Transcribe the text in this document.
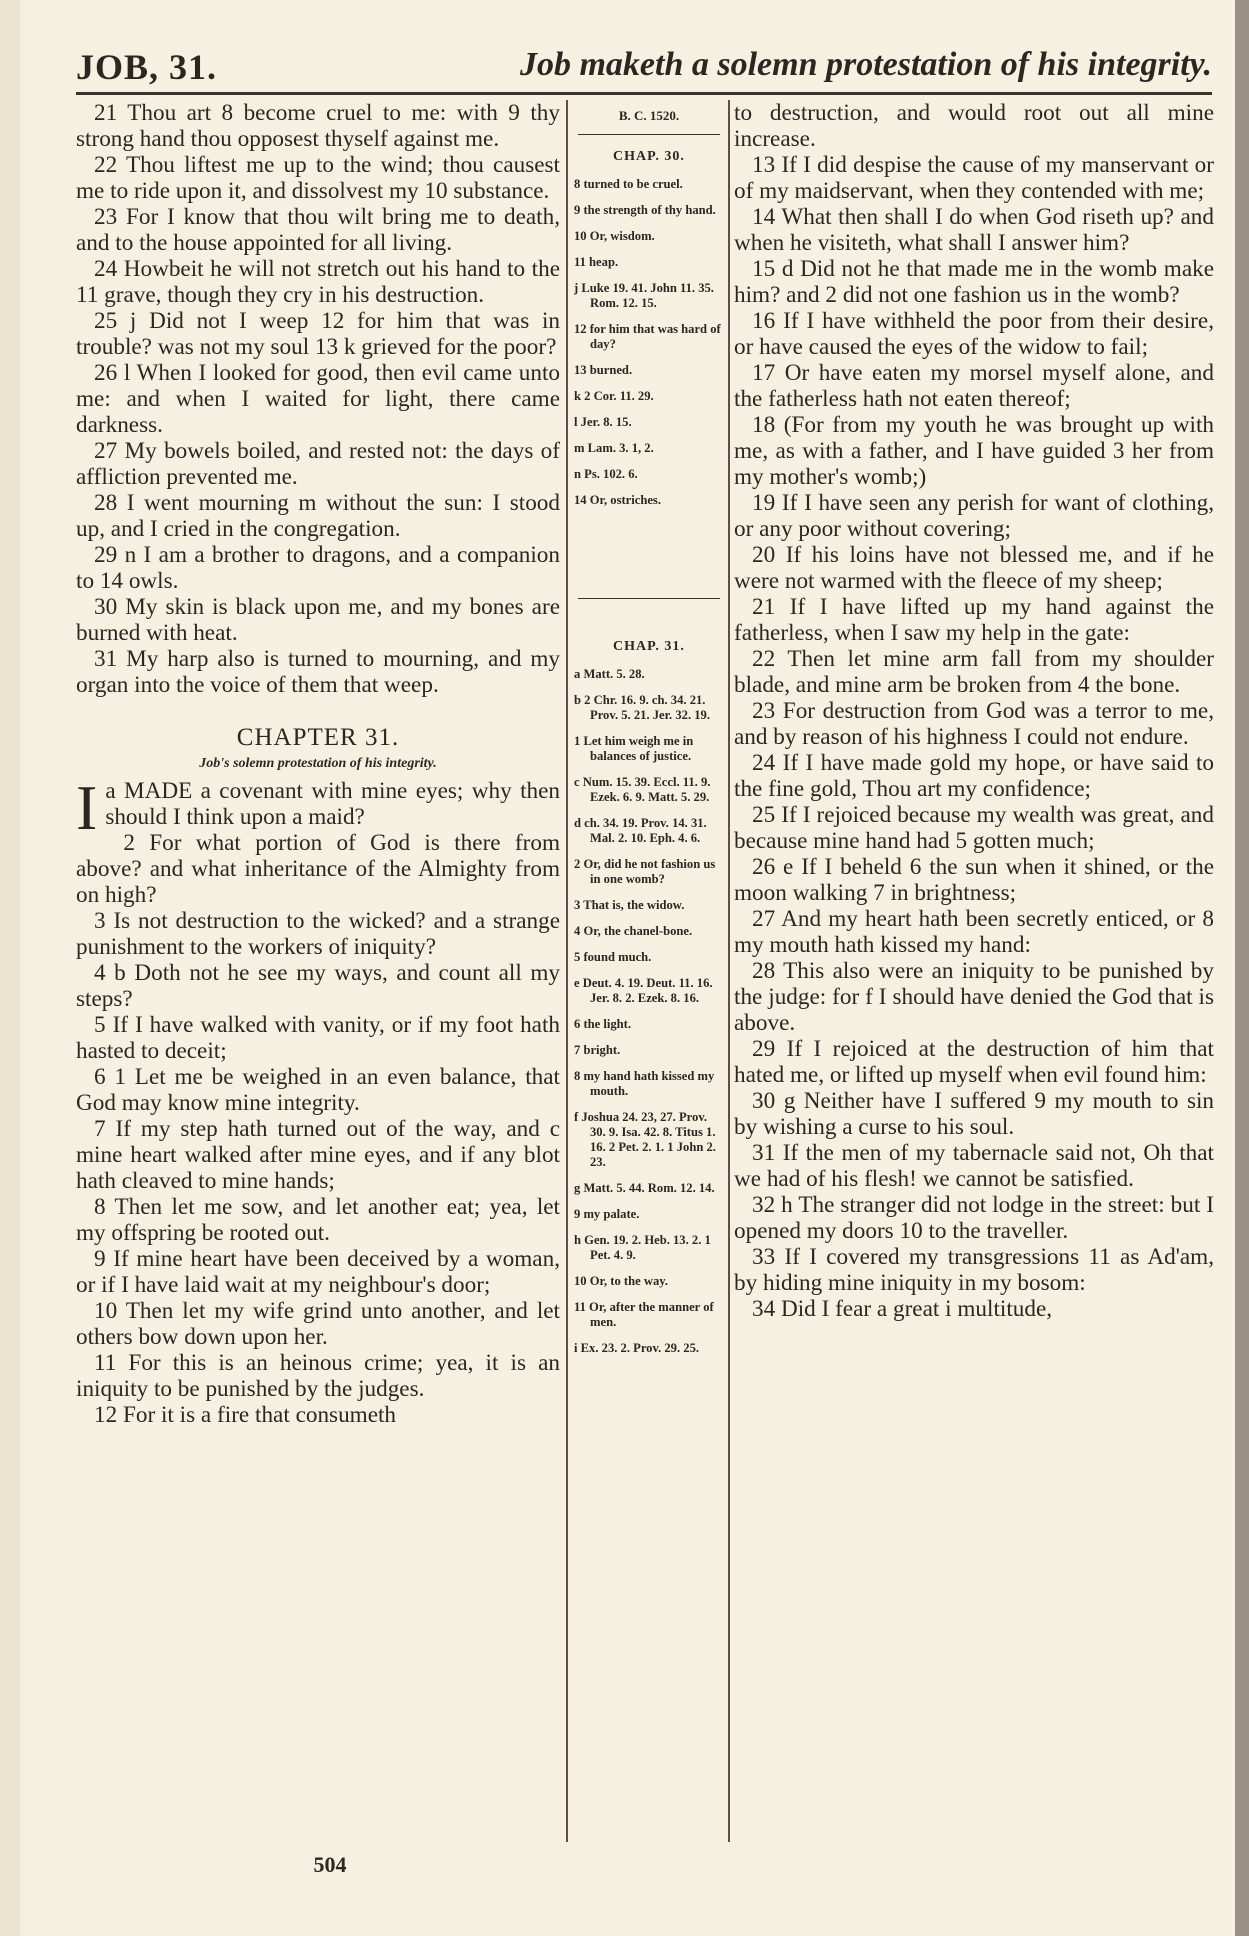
JOB, 31.	Job maketh a solemn protestation of his integrity.

21 Thou art 8 become cruel to me: with 9 thy strong hand thou opposest thyself against me.

22 Thou liftest me up to the wind; thou causest me to ride upon it, and dissolvest my 10 substance.

23 For I know that thou wilt bring me to death, and to the house appointed for all living.

24 Howbeit he will not stretch out his hand to the 11 grave, though they cry in his destruction.

25 j Did not I weep 12 for him that was in trouble? was not my soul 13 k grieved for the poor?

26 l When I looked for good, then evil came unto me: and when I waited for light, there came darkness.

27 My bowels boiled, and rested not: the days of affliction prevented me.

28 I went mourning m without the sun: I stood up, and I cried in the congregation.

29 n I am a brother to dragons, and a companion to 14 owls.

30 My skin is black upon me, and my bones are burned with heat.

31 My harp also is turned to mourning, and my organ into the voice of them that weep.

CHAPTER 31.
Job's solemn protestation of his integrity.

Ia MADE a covenant with mine eyes; why then should I think upon a maid?

2 For what portion of God is there from above? and what inheritance of the Almighty from on high?

3 Is not destruction to the wicked? and a strange punishment to the workers of iniquity?

4 b Doth not he see my ways, and count all my steps?

5 If I have walked with vanity, or if my foot hath hasted to deceit;

6 1 Let me be weighed in an even balance, that God may know mine integrity.

7 If my step hath turned out of the way, and c mine heart walked after mine eyes, and if any blot hath cleaved to mine hands;

8 Then let me sow, and let another eat; yea, let my offspring be rooted out.

9 If mine heart have been deceived by a woman, or if I have laid wait at my neighbour's door;

10 Then let my wife grind unto another, and let others bow down upon her.

11 For this is an heinous crime; yea, it is an iniquity to be punished by the judges.

12 For it is a fire that consumeth

B. C. 1520.
CHAP. 30.
8 turned to be cruel.
9 the strength of thy hand.
10 Or, wisdom.
11 heap.
j Luke 19. 41. John 11. 35. Rom. 12. 15.
12 for him that was hard of day?
13 burned.
k 2 Cor. 11. 29.
l Jer. 8. 15.
m Lam. 3. 1, 2.
n Ps. 102. 6.
14 Or, ostriches.
CHAP. 31.
a Matt. 5. 28.
b 2 Chr. 16. 9. ch. 34. 21. Prov. 5. 21. Jer. 32. 19.
1 Let him weigh me in balances of justice.
c Num. 15. 39. Eccl. 11. 9. Ezek. 6. 9. Matt. 5. 29.
d ch. 34. 19. Prov. 14. 31. Mal. 2. 10. Eph. 4. 6.
2 Or, did he not fashion us in one womb?
3 That is, the widow.
4 Or, the chanel-bone.
5 found much.
e Deut. 4. 19. Deut. 11. 16. Jer. 8. 2. Ezek. 8. 16.
6 the light.
7 bright.
8 my hand hath kissed my mouth.
f Joshua 24. 23, 27. Prov. 30. 9. Isa. 42. 8. Titus 1. 16. 2 Pet. 2. 1. 1 John 2. 23.
g Matt. 5. 44. Rom. 12. 14.
9 my palate.
h Gen. 19. 2. Heb. 13. 2. 1 Pet. 4. 9.
10 Or, to the way.
11 Or, after the manner of men.
i Ex. 23. 2. Prov. 29. 25.

to destruction, and would root out all mine increase.

13 If I did despise the cause of my manservant or of my maidservant, when they contended with me;

14 What then shall I do when God riseth up? and when he visiteth, what shall I answer him?

15 d Did not he that made me in the womb make him? and 2 did not one fashion us in the womb?

16 If I have withheld the poor from their desire, or have caused the eyes of the widow to fail;

17 Or have eaten my morsel myself alone, and the fatherless hath not eaten thereof;

18 (For from my youth he was brought up with me, as with a father, and I have guided 3 her from my mother's womb;)

19 If I have seen any perish for want of clothing, or any poor without covering;

20 If his loins have not blessed me, and if he were not warmed with the fleece of my sheep;

21 If I have lifted up my hand against the fatherless, when I saw my help in the gate:

22 Then let mine arm fall from my shoulder blade, and mine arm be broken from 4 the bone.

23 For destruction from God was a terror to me, and by reason of his highness I could not endure.

24 If I have made gold my hope, or have said to the fine gold, Thou art my confidence;

25 If I rejoiced because my wealth was great, and because mine hand had 5 gotten much;

26 e If I beheld 6 the sun when it shined, or the moon walking 7 in brightness;

27 And my heart hath been secretly enticed, or 8 my mouth hath kissed my hand:

28 This also were an iniquity to be punished by the judge: for f I should have denied the God that is above.

29 If I rejoiced at the destruction of him that hated me, or lifted up myself when evil found him:

30 g Neither have I suffered 9 my mouth to sin by wishing a curse to his soul.

31 If the men of my tabernacle said not, Oh that we had of his flesh! we cannot be satisfied.

32 h The stranger did not lodge in the street: but I opened my doors 10 to the traveller.

33 If I covered my transgressions 11 as Ad'am, by hiding mine iniquity in my bosom:

34 Did I fear a great i multitude,

504
